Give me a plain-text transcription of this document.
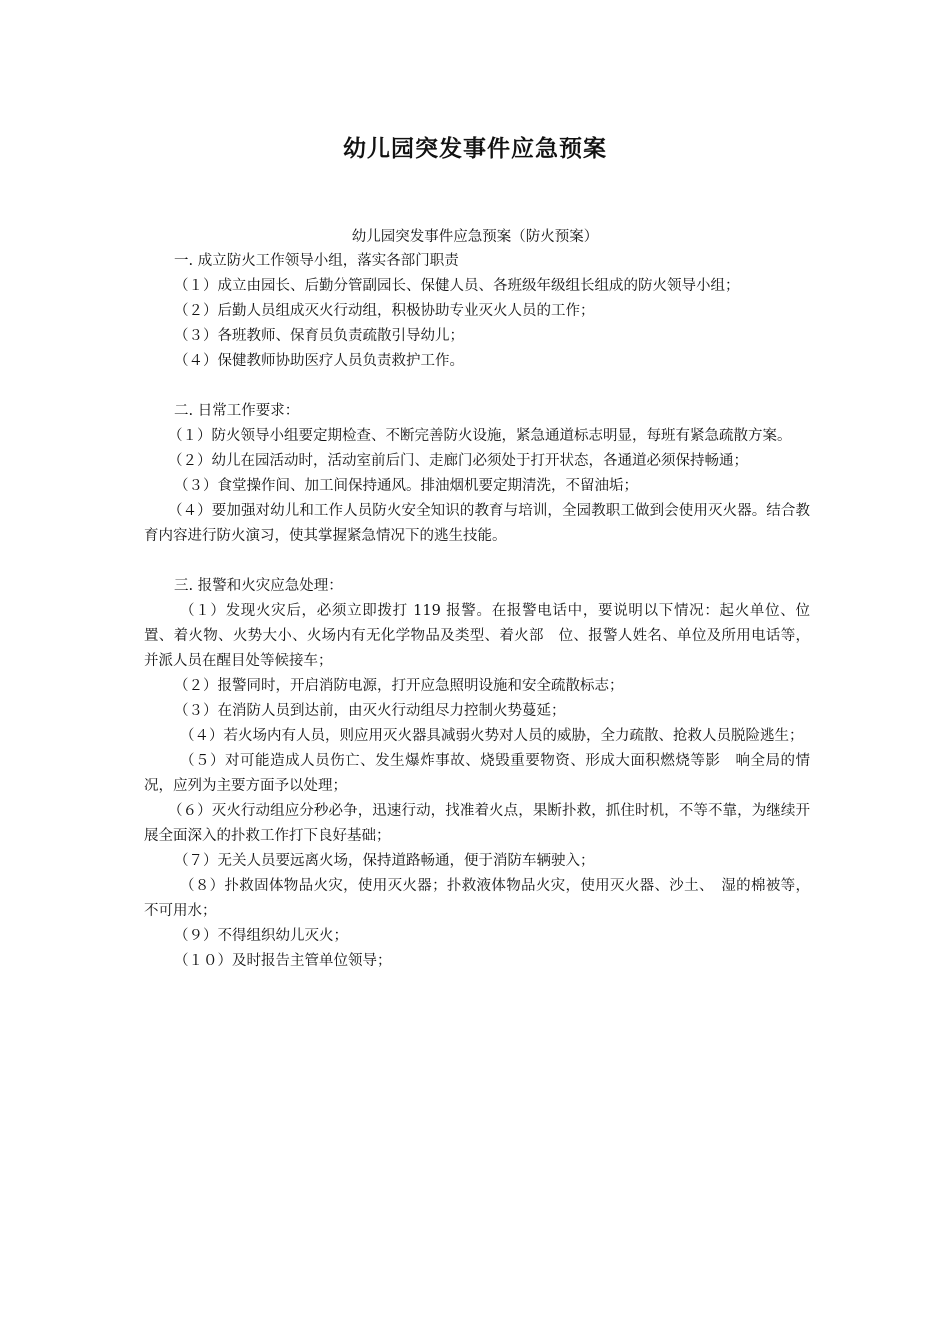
幼儿园突发事件应急预案
幼儿园突发事件应急预案（防火预案）

一. 成立防火工作领导小组，落实各部门职责

（１）成立由园长、后勤分管副园长、保健人员、各班级年级组长组成的防火领导小组；

（２）后勤人员组成灭火行动组，积极协助专业灭火人员的工作；

（３）各班教师、保育员负责疏散引导幼儿；

（４）保健教师协助医疗人员负责救护工作。

二. 日常工作要求：

（１）防火领导小组要定期检查、不断完善防火设施，紧急通道标志明显，每班有紧急疏散方案。

（２）幼儿在园活动时，活动室前后门、走廊门必须处于打开状态，各通道必须保持畅通；

（３）食堂操作间、加工间保持通风。排油烟机要定期清洗，不留油垢；

（４）要加强对幼儿和工作人员防火安全知识的教育与培训，全园教职工做到会使用灭火器。结合教育内容进行防火演习，使其掌握紧急情况下的逃生技能。

三. 报警和火灾应急处理：

（１）发现火灾后，必须立即拨打 119 报警。在报警电话中，要说明以下情况：起火单位、位置、着火物、火势大小、火场内有无化学物品及类型、着火部　位、报警人姓名、单位及所用电话等，并派人员在醒目处等候接车；

（２）报警同时，开启消防电源，打开应急照明设施和安全疏散标志；

（３）在消防人员到达前，由灭火行动组尽力控制火势蔓延；

（４）若火场内有人员，则应用灭火器具减弱火势对人员的威胁，全力疏散、抢救人员脱险逃生；

（５）对可能造成人员伤亡、发生爆炸事故、烧毁重要物资、形成大面积燃烧等影　响全局的情况，应列为主要方面予以处理；

（６）灭火行动组应分秒必争，迅速行动，找准着火点，果断扑救，抓住时机，不等不靠，为继续开展全面深入的扑救工作打下良好基础；

（７）无关人员要远离火场，保持道路畅通，便于消防车辆驶入；

（８）扑救固体物品火灾，使用灭火器；扑救液体物品火灾，使用灭火器、沙土、　湿的棉被等，不可用水；

（９）不得组织幼儿灭火；

（１０）及时报告主管单位领导；
